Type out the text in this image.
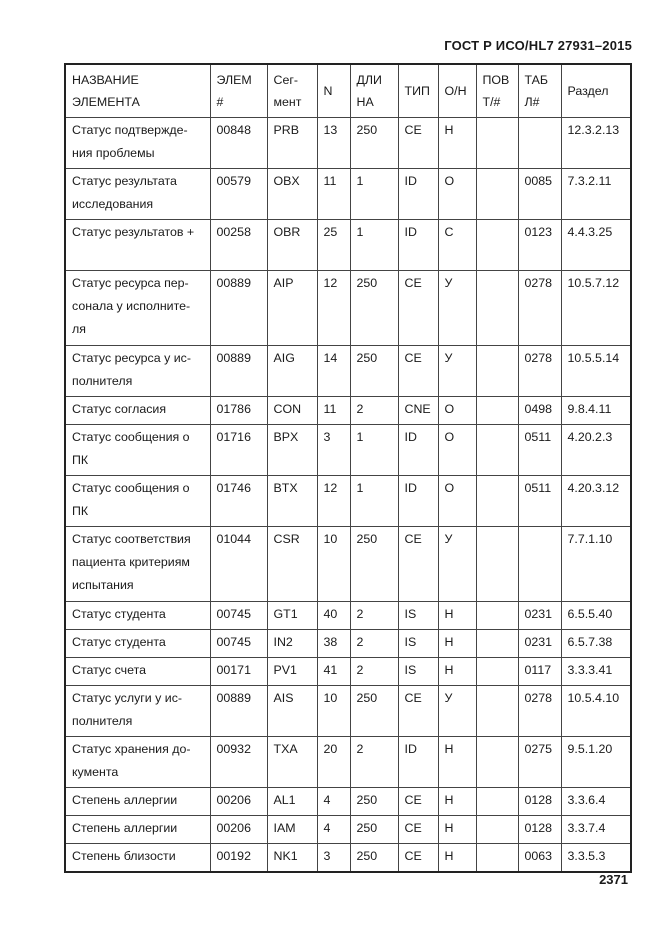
ГОСТ Р ИСО/HL7 27931–2015
НАЗВАНИЕ ЭЛЕМЕНТА	ЭЛЕМ #	Сег-мент	N	ДЛИ НА	ТИП	О/Н	ПОВ Т/#	ТАБ Л#	Раздел
Статус подтвержде-ния проблемы	00848	PRB	13	250	CE	Н			12.3.2.13
Статус результата исследования	00579	OBX	11	1	ID	О		0085	7.3.2.11
Статус результатов +	00258	OBR	25	1	ID	С		0123	4.4.3.25
Статус ресурса пер-сонала у исполните-ля	00889	AIP	12	250	CE	У		0278	10.5.7.12
Статус ресурса у ис-полнителя	00889	AIG	14	250	CE	У		0278	10.5.5.14
Статус согласия	01786	CON	11	2	CNE	О		0498	9.8.4.11
Статус сообщения о ПК	01716	BPX	3	1	ID	О		0511	4.20.2.3
Статус сообщения о ПК	01746	BTX	12	1	ID	О		0511	4.20.3.12
Статус соответствия пациента критериям испытания	01044	CSR	10	250	CE	У			7.7.1.10
Статус студента	00745	GT1	40	2	IS	Н		0231	6.5.5.40
Статус студента	00745	IN2	38	2	IS	Н		0231	6.5.7.38
Статус счета	00171	PV1	41	2	IS	Н		0117	3.3.3.41
Статус услуги у ис-полнителя	00889	AIS	10	250	CE	У		0278	10.5.4.10
Статус хранения до-кумента	00932	TXA	20	2	ID	Н		0275	9.5.1.20
Степень аллергии	00206	AL1	4	250	CE	Н		0128	3.3.6.4
Степень аллергии	00206	IAM	4	250	CE	Н		0128	3.3.7.4
Степень близости	00192	NK1	3	250	CE	Н		0063	3.3.5.3
2371
